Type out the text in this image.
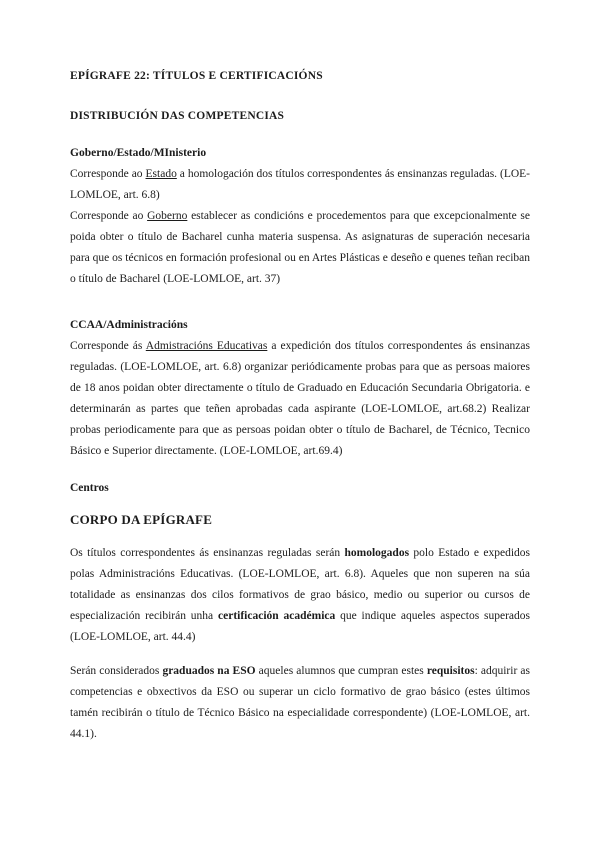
EPÍGRAFE 22: TÍTULOS E CERTIFICACIÓNS

DISTRIBUCIÓN DAS COMPETENCIAS

Goberno/Estado/MInisterio

Corresponde ao Estado a homologación dos títulos correspondentes ás ensinanzas reguladas. (LOE-LOMLOE, art. 6.8)

Corresponde ao Goberno establecer as condicións e procedementos para que excepcionalmente se poida obter o título de Bacharel cunha materia suspensa. As asignaturas de superación necesaria para que os técnicos en formación profesional ou en Artes Plásticas e deseño e quenes teñan reciban o título de Bacharel (LOE-LOMLOE, art. 37)

CCAA/Administracións

Corresponde ás Admistracións Educativas a expedición dos títulos correspondentes ás ensinanzas reguladas. (LOE-LOMLOE, art. 6.8) organizar periódicamente probas para que as persoas maiores de 18 anos poidan obter directamente o título de Graduado en Educación Secundaria Obrigatoria. e determinarán as partes que teñen aprobadas cada aspirante (LOE-LOMLOE, art.68.2) Realizar probas periodicamente para que as persoas poidan obter o título de Bacharel, de Técnico, Tecnico Básico e Superior directamente. (LOE-LOMLOE, art.69.4)

Centros

CORPO DA EPÍGRAFE

Os títulos correspondentes ás ensinanzas reguladas serán homologados polo Estado e expedidos polas Administracións Educativas. (LOE-LOMLOE, art. 6.8). Aqueles que non superen na súa totalidade as ensinanzas dos cilos formativos de grao básico, medio ou superior ou cursos de especialización recibirán unha certificación académica que indique aqueles aspectos superados (LOE-LOMLOE, art. 44.4)

Serán considerados graduados na ESO aqueles alumnos que cumpran estes requisitos: adquirir as competencias e obxectivos da ESO ou superar un ciclo formativo de grao básico (estes últimos tamén recibirán o título de Técnico Básico na especialidade correspondente) (LOE-LOMLOE, art. 44.1).
